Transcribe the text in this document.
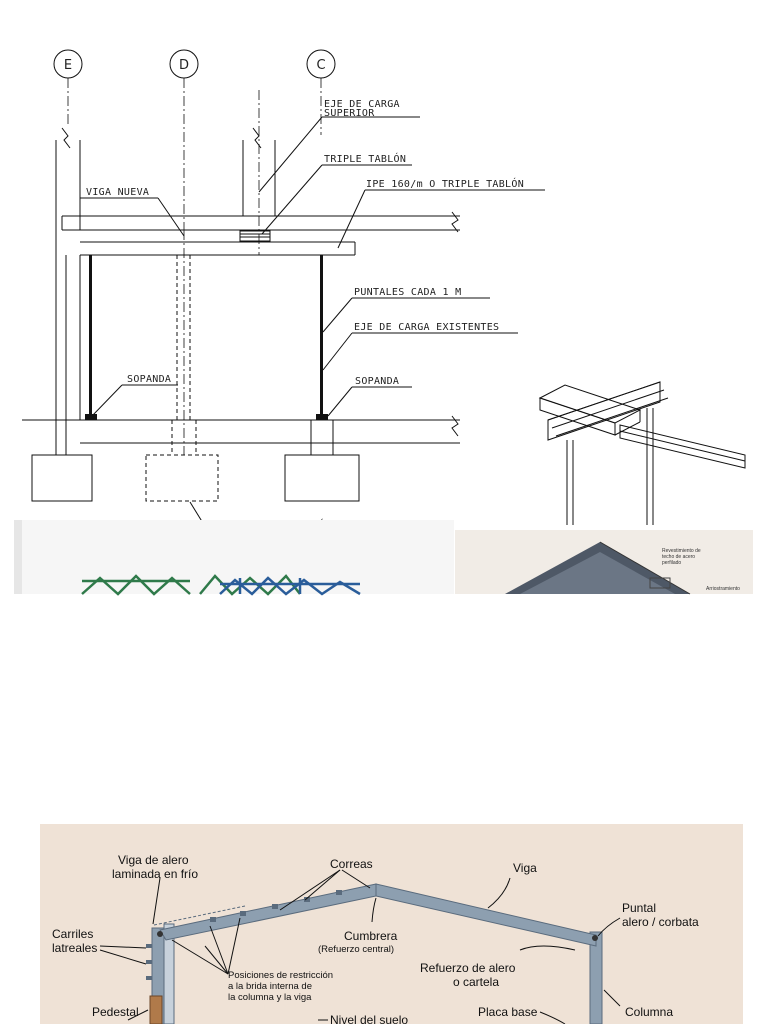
E	D	C
EJE DE CARGA
SUPERIOR
TRIPLE TABLÓN
IPE 160/m O TRIPLE TABLÓN
VIGA NUEVA
PUNTALES CADA 1 M
EJE DE CARGA EXISTENTES
SOPANDA	SOPANDA
Revestimiento de
techo de acero
perfilado
Arriostramiento
Viga de alero
laminada en frío
Correas	Viga
Puntal
alero / corbata
Carriles
latreales
Cumbrera
(Refuerzo central)
Refuerzo de alero
o cartela
Posiciones de restricción
a la brida interna de
la columna y la viga
Pedestal
Nivel del suelo
Placa base	Columna
